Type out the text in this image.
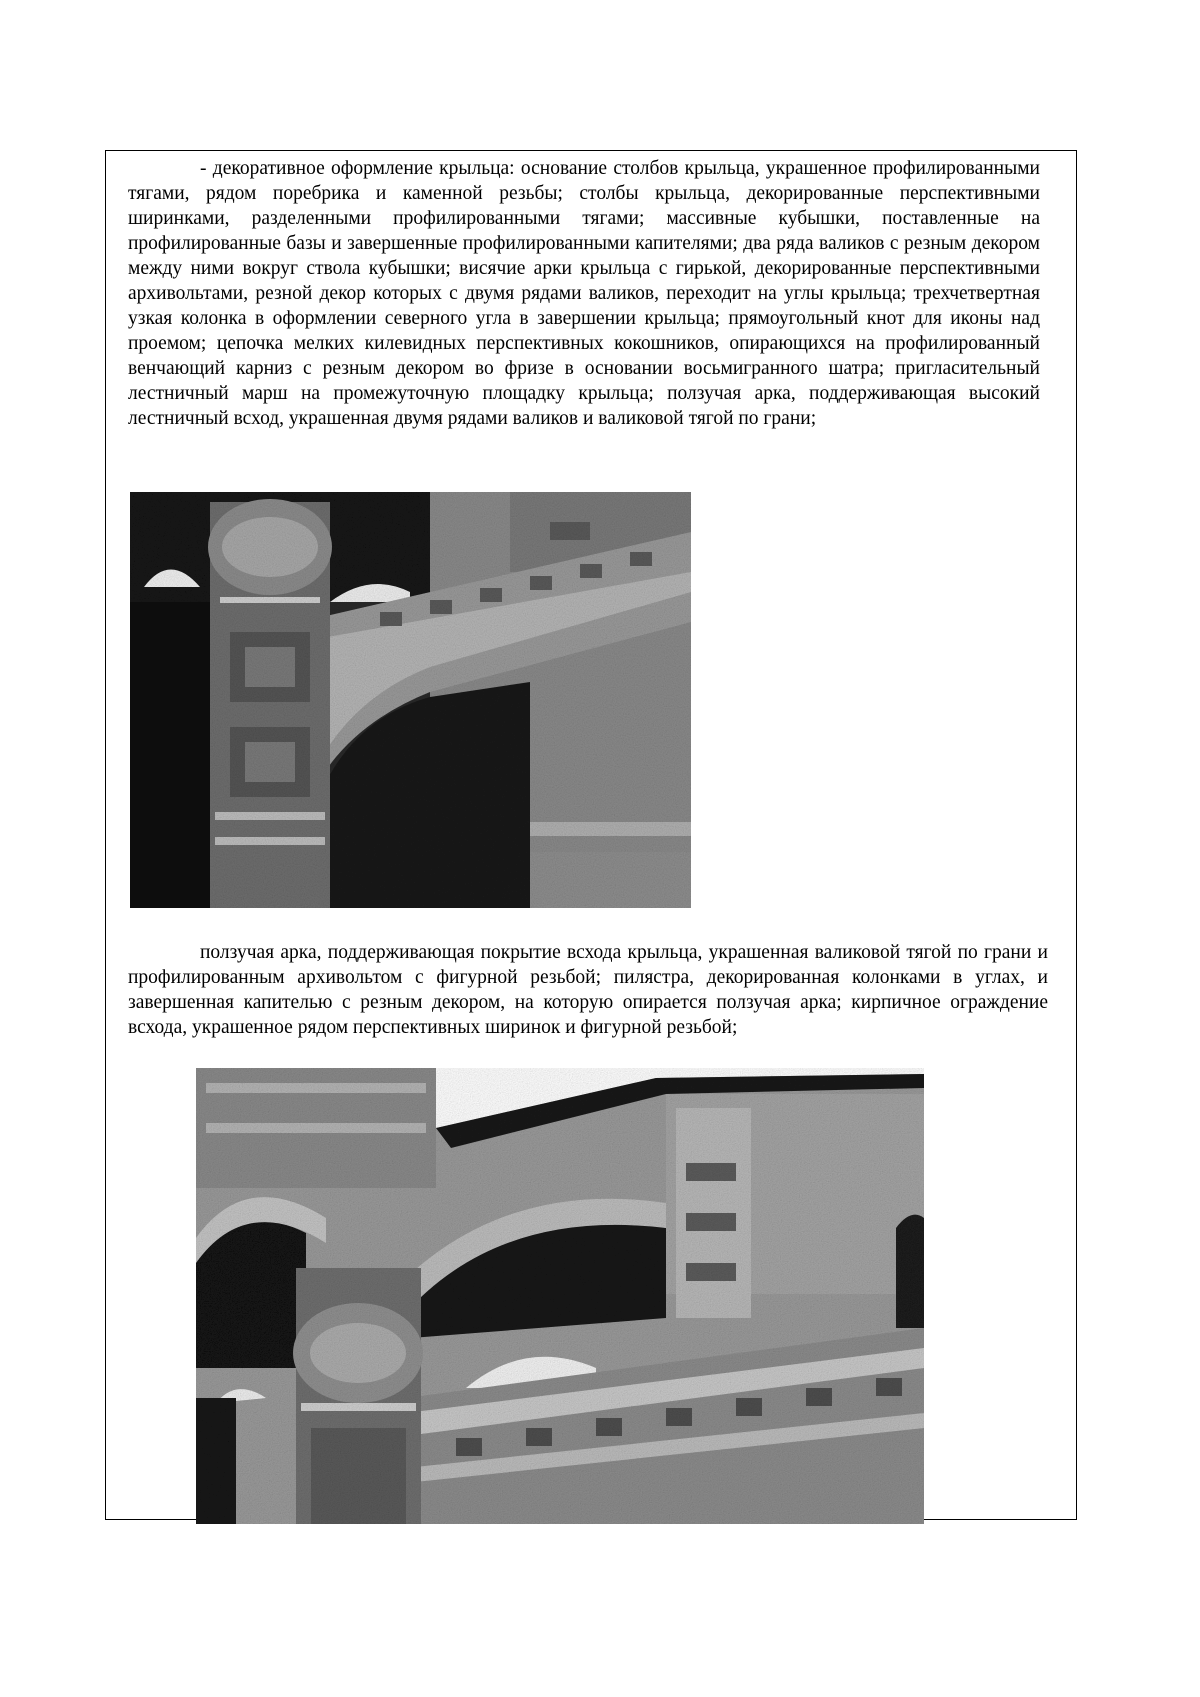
- декоративное оформление крыльца: основание столбов крыльца, украшенное профилированными тягами, рядом поребрика и каменной резьбы; столбы крыльца, декорированные перспективными ширинками, разделенными профилированными тягами; массивные кубышки, поставленные на профилированные базы и завершенные профилированными капителями; два ряда валиков с резным декором между ними вокруг ствола кубышки; висячие арки крыльца с гирькой, декорированные перспективными архивольтами, резной декор которых с двумя рядами валиков, переходит на углы крыльца; трехчетвертная узкая колонка в оформлении северного угла в завершении крыльца; прямоугольный кнот для иконы над проемом; цепочка мелких килевидных перспективных кокошников, опирающихся на профилированный венчающий карниз с резным декором во фризе в основании восьмигранного шатра; пригласительный лестничный марш на промежуточную площадку крыльца; ползучая арка, поддерживающая высокий лестничный всход, украшенная двумя рядами валиков и валиковой тягой по грани;

ползучая арка, поддерживающая покрытие всхода крыльца, украшенная валиковой тягой по грани и профилированным архивольтом с фигурной резьбой; пилястра, декорированная колонками в углах, и завершенная капителью с резным декором, на которую опирается ползучая арка; кирпичное ограждение всхода, украшенное рядом перспективных ширинок и фигурной резьбой;
